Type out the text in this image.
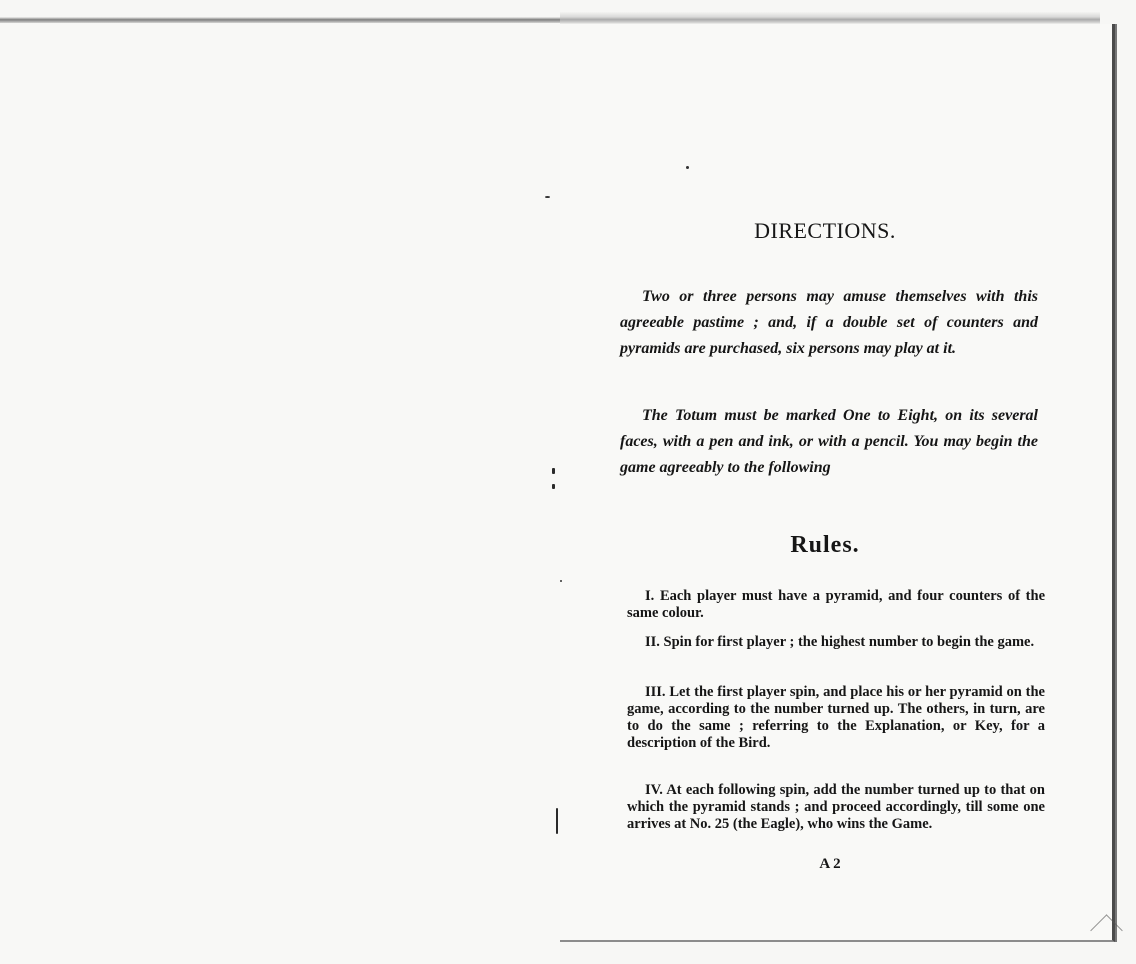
DIRECTIONS.

Two or three persons may amuse themselves with this agreeable pastime ; and, if a double set of counters and pyramids are purchased, six persons may play at it.

The Totum must be marked One to Eight, on its several faces, with a pen and ink, or with a pencil. You may begin the game agreeably to the following

Rules.

I. Each player must have a pyramid, and four counters of the same colour.

II. Spin for first player ; the highest number to begin the game.

III. Let the first player spin, and place his or her pyramid on the game, according to the number turned up. The others, in turn, are to do the same ; referring to the Explanation, or Key, for a description of the Bird.

IV. At each following spin, add the number turned up to that on which the pyramid stands ; and proceed accordingly, till some one arrives at No. 25 (the Eagle), who wins the Game.

A 2
